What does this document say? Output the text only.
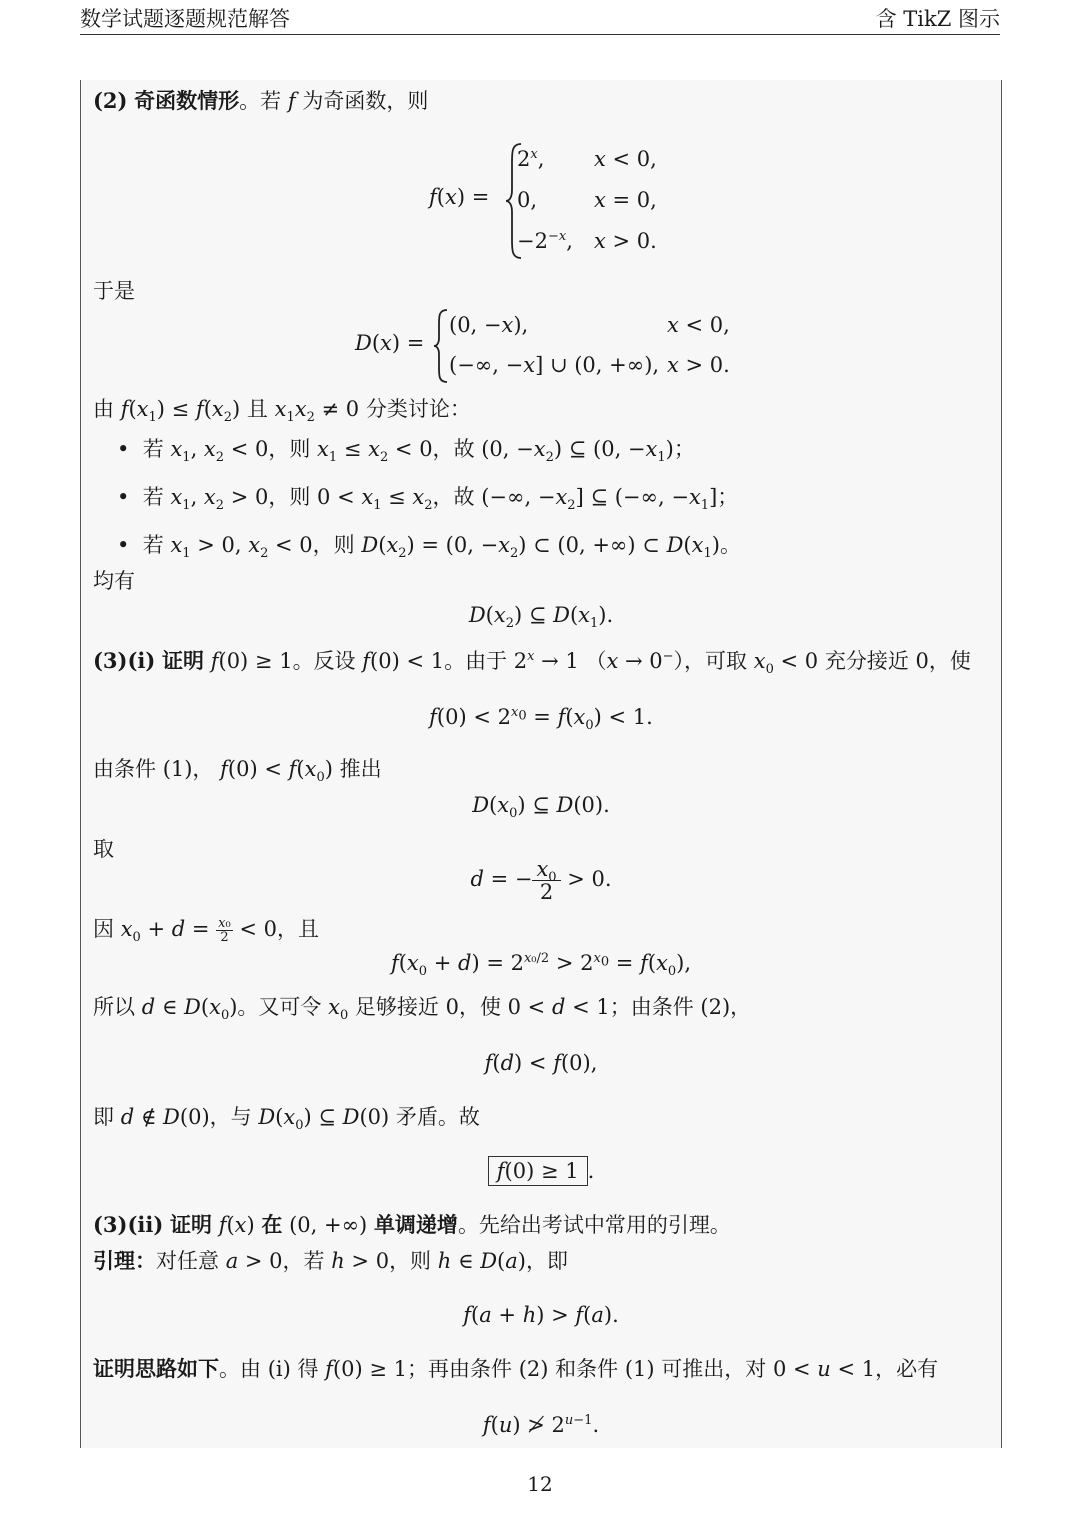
数学试题逐题规范解答	含 TikZ 图示
(2) 奇函数情形。若 f 为奇函数，则
f(x) =
$2^x$, x < 0,
0,	x = 0,
$-2^{-x}$, x > 0.
于是
D(x) =
(0, −x),	x < 0,
(−∞, −x] ∪ (0, +∞), x > 0.
由 $f(x_1) \le f(x_2)$ 且 $x_1x_2 \ne 0$ 分类讨论：
•  若 $x_1$, $x_2 < 0$，则 $x_1 \le x_2 < 0$，故 (0, $-x_2$) ⊆ (0, $-x_1$)；
•  若 $x_1$, $x_2 > 0$，则 $0 < x_1 \le x_2$，故 (−∞, $-x_2$] ⊆ (−∞, $-x_1$]；
•  若 $x_1 > 0$, $x_2 < 0$，则 $D(x_2) = (0$, $-x_2$) ⊂ (0, +∞) ⊂ $D(x_1)$。
均有
$D(x_2)$ ⊆ $D(x_1)$.
(3)(i) 证明 f(0) ≥ 1。反设 f(0) < 1。由于 $2^x \to 1$ （x → 0−），可取 $x_0 < 0$ 充分接近 0，使
$f(0) < 2^{x_0} = f(x_0) < 1$.
由条件 (1)， $f(0) < f(x_0)$ 推出
$D(x_0)$ ⊆ D(0).
取
d = − $\frac{x_0}{2} > 0$.
因 $x_0 + d = \frac{\text{x₀}}{2} < 0$，且
$f(x_0 + d) = 2^{x_0/2} > 2^{x_0} = f(x_0)$,
所以 d ∈ $D(x_0)$。又可令 $x_0$ 足够接近 0，使 0 < d < 1；由条件 (2)，
f(d) < f(0),
即 d ∉ D(0)，与 $D(x_0)$ ⊆ D(0) 矛盾。故
f(0) ≥ 1 .
(3)(ii) 证明 f(x) 在 (0, +∞) 单调递增。先给出考试中常用的引理。
引理：对任意 a > 0，若 h > 0，则 h ∈ D(a)，即
f(a + h) > f(a).
证明思路如下。由 (i) 得 f(0) ≥ 1；再由条件 (2) 和条件 (1) 可推出，对 0 < u < 1，必有
f(u) ≯ $2^{u-1}$.
12
